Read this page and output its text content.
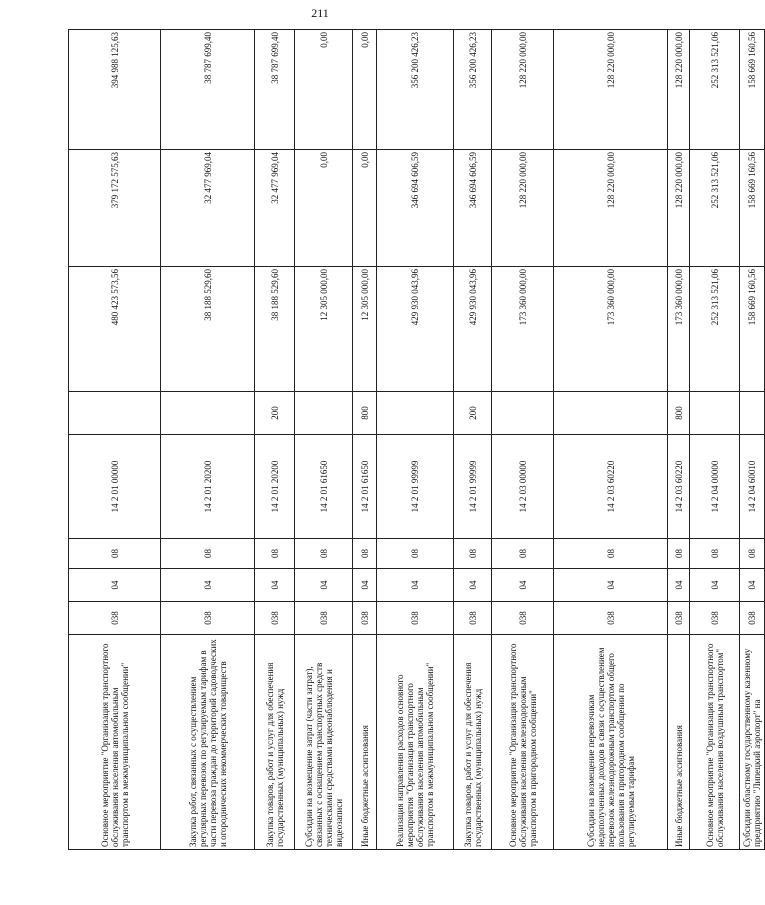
211
Основное мероприятие "Организация транспортного обслуживания населения автомобильным транспортом в межмуниципальном сообщении"	038	04	08	14 2 01 00000		480 423 573,56	379 172 575,63	394 988 125,63
Закупка работ, связанных с осуществлением регулярных перевозок по регулируемым тарифам в части перевоза граждан до территорий садоводческих и огороднических некоммерческих товариществ	038	04	08	14 2 01 20200		38 188 529,60	32 477 969,04	38 787 699,40
Закупка товаров, работ и услуг для обеспечения государственных (муниципальных) нужд	038	04	08	14 2 01 20200	200	38 188 529,60	32 477 969,04	38 787 699,40
Субсидии на возмещение затрат (части затрат), связанных с оснащением транспортных средств техническими средствами видеонаблюдения и видеозаписи	038	04	08	14 2 01 61650		12 305 000,00	0,00	0,00
Иные бюджетные ассигнования	038	04	08	14 2 01 61650	800	12 305 000,00	0,00	0,00
Реализация направления расходов основного мероприятия "Организация транспортного обслуживания населения автомобильным транспортом в межмуниципальном сообщении"	038	04	08	14 2 01 99999		429 930 043,96	346 694 606,59	356 200 426,23
Закупка товаров, работ и услуг для обеспечения государственных (муниципальных) нужд	038	04	08	14 2 01 99999	200	429 930 043,96	346 694 606,59	356 200 426,23
Основное мероприятие "Организация транспортного обслуживания населения железнодорожным транспортом в пригородном сообщении"	038	04	08	14 2 03 00000		173 360 000,00	128 220 000,00	128 220 000,00
Субсидии на возмещение перевозчикам недополученных доходов в связи с осуществлением перевозок железнодорожным транспортом общего пользования в пригородном сообщении по регулируемым тарифам	038	04	08	14 2 03 60220		173 360 000,00	128 220 000,00	128 220 000,00
Иные бюджетные ассигнования	038	04	08	14 2 03 60220	800	173 360 000,00	128 220 000,00	128 220 000,00
Основное мероприятие "Организация транспортного обслуживания населения воздушным транспортом"	038	04	08	14 2 04 00000		252 313 521,06	252 313 521,06	252 313 521,06
Субсидии областному государственному казенному предприятию "Липецкий аэропорт" на	038	04	08	14 2 04 60010		158 669 160,56	158 669 160,56	158 669 160,56
